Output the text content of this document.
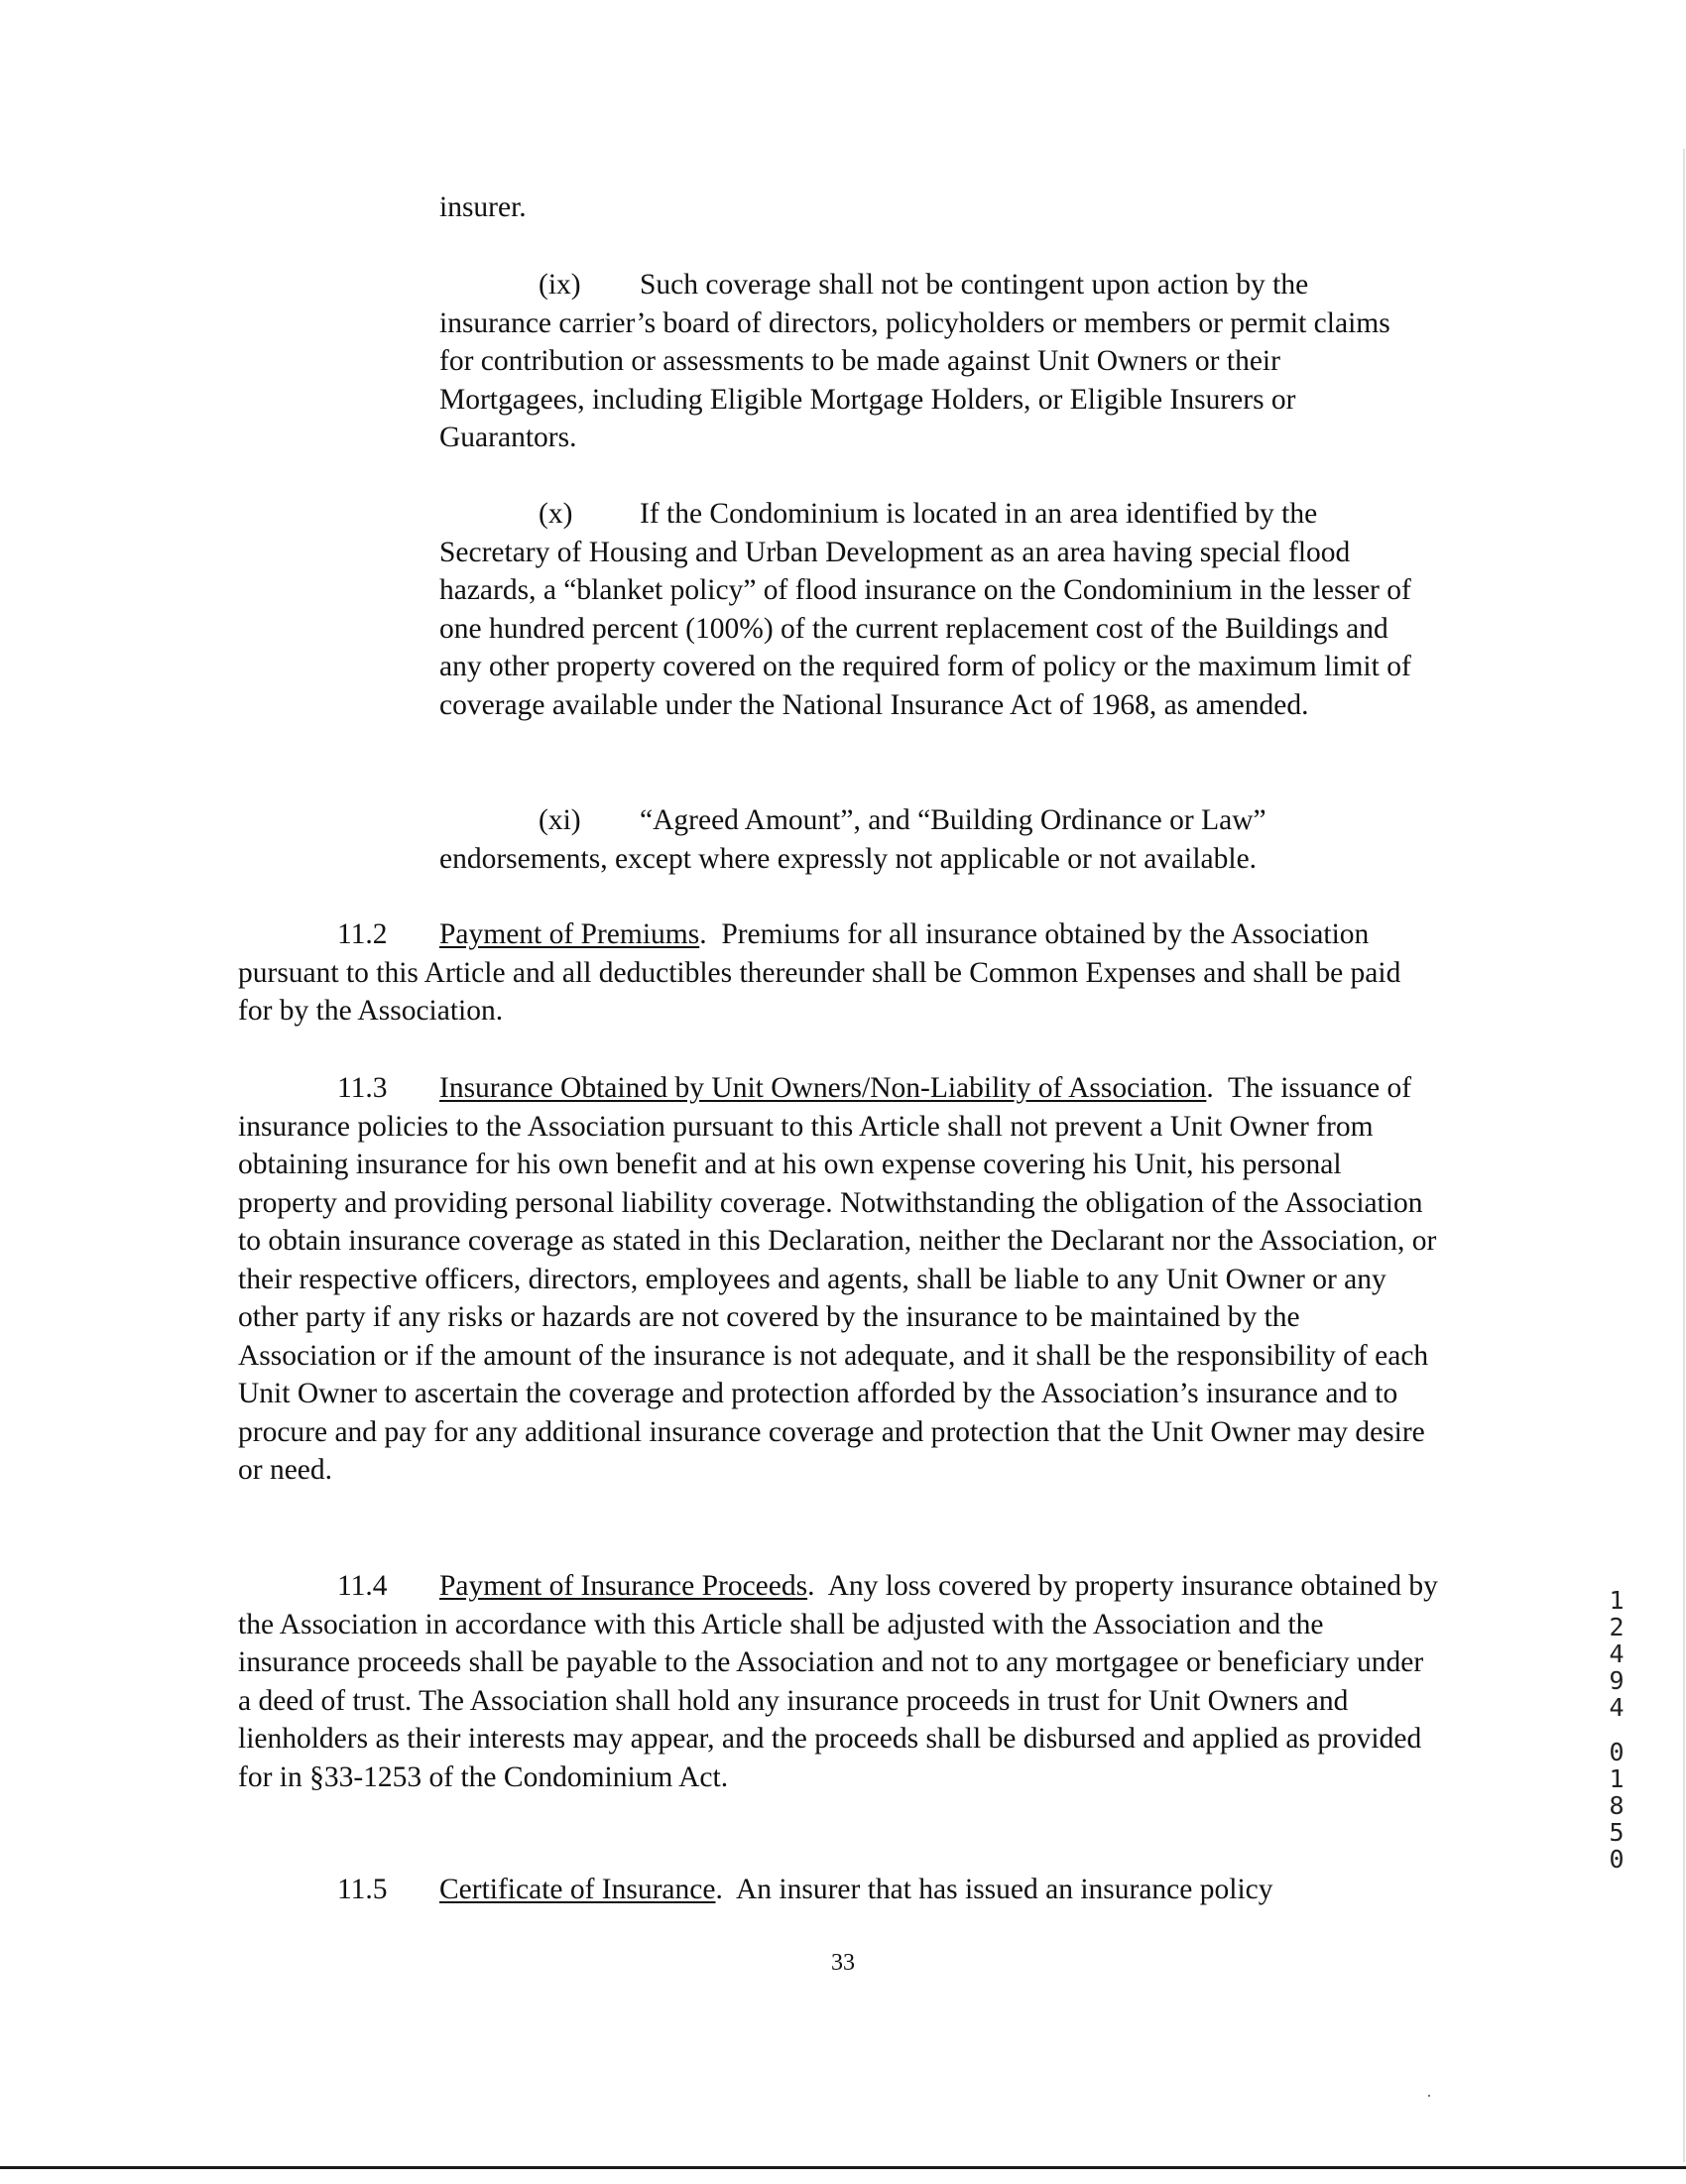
insurer.
(ix) Such coverage shall not be contingent upon action by the
insurance carrier’s board of directors, policyholders or members or permit claims for contribution or assessments to be made against Unit Owners or their Mortgagees, including Eligible Mortgage Holders, or Eligible Insurers or Guarantors.
(x) If the Condominium is located in an area identified by the
Secretary of Housing and Urban Development as an area having special flood hazards, a “blanket policy” of flood insurance on the Condominium in the lesser of one hundred percent (100%) of the current replacement cost of the Buildings and any other property covered on the required form of policy or the maximum limit of coverage available under the National Insurance Act of 1968, as amended.
(xi) “Agreed Amount”, and “Building Ordinance or Law”
endorsements, except where expressly not applicable or not available.
11.2 Payment of Premiums.  Premiums for all insurance obtained by the Association pursuant to this Article and all deductibles thereunder shall be Common Expenses and shall be paid for by the Association.
11.3 Insurance Obtained by Unit Owners/Non-Liability of Association.  The issuance of insurance policies to the Association pursuant to this Article shall not prevent a Unit Owner from obtaining insurance for his own benefit and at his own expense covering his Unit, his personal property and providing personal liability coverage. Notwithstanding the obligation of the Association to obtain insurance coverage as stated in this Declaration, neither the Declarant nor the Association, or their respective officers, directors, employees and agents, shall be liable to any Unit Owner or any other party if any risks or hazards are not covered by the insurance to be maintained by the Association or if the amount of the insurance is not adequate, and it shall be the responsibility of each Unit Owner to ascertain the coverage and protection afforded by the Association’s insurance and to procure and pay for any additional insurance coverage and protection that the Unit Owner may desire or need.
11.4 Payment of Insurance Proceeds.  Any loss covered by property insurance obtained by the Association in accordance with this Article shall be adjusted with the Association and the insurance proceeds shall be payable to the Association and not to any mortgagee or beneficiary under a deed of trust. The Association shall hold any insurance proceeds in trust for Unit Owners and lienholders as their interests may appear, and the proceeds shall be disbursed and applied as provided for in §33-1253 of the Condominium Act.
11.5 Certificate of Insurance.  An insurer that has issued an insurance policy
33
1
2
4
9
4
0
1
8
5
0
